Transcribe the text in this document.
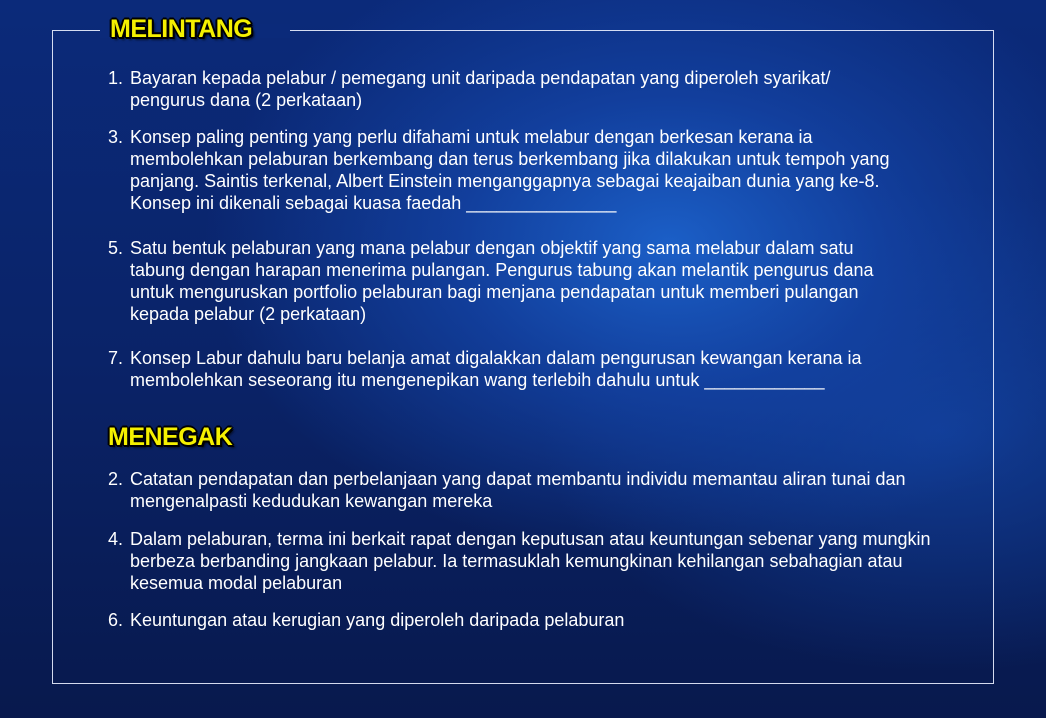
MELINTANG
1. Bayaran kepada pelabur / pemegang unit daripada pendapatan yang diperoleh syarikat/ pengurus dana (2 perkataan)
3. Konsep paling penting yang perlu difahami untuk melabur dengan berkesan kerana ia membolehkan pelaburan berkembang dan terus berkembang jika dilakukan untuk tempoh yang panjang. Saintis terkenal, Albert Einstein menganggapnya sebagai keajaiban dunia yang ke-8. Konsep ini dikenali sebagai kuasa faedah _______________
5. Satu bentuk pelaburan yang mana pelabur dengan objektif yang sama melabur dalam satu tabung dengan harapan menerima pulangan. Pengurus tabung akan melantik pengurus dana untuk menguruskan portfolio pelaburan bagi menjana pendapatan untuk memberi pulangan kepada pelabur (2 perkataan)
7. Konsep Labur dahulu baru belanja amat digalakkan dalam pengurusan kewangan kerana ia membolehkan seseorang itu mengenepikan wang terlebih dahulu untuk ____________
MENEGAK
2. Catatan pendapatan dan perbelanjaan yang dapat membantu individu memantau aliran tunai dan mengenalpasti kedudukan kewangan mereka
4. Dalam pelaburan, terma ini berkait rapat dengan keputusan atau keuntungan sebenar yang mungkin berbeza berbanding jangkaan pelabur. Ia termasuklah kemungkinan kehilangan sebahagian atau kesemua modal pelaburan
6. Keuntungan atau kerugian yang diperoleh daripada pelaburan
